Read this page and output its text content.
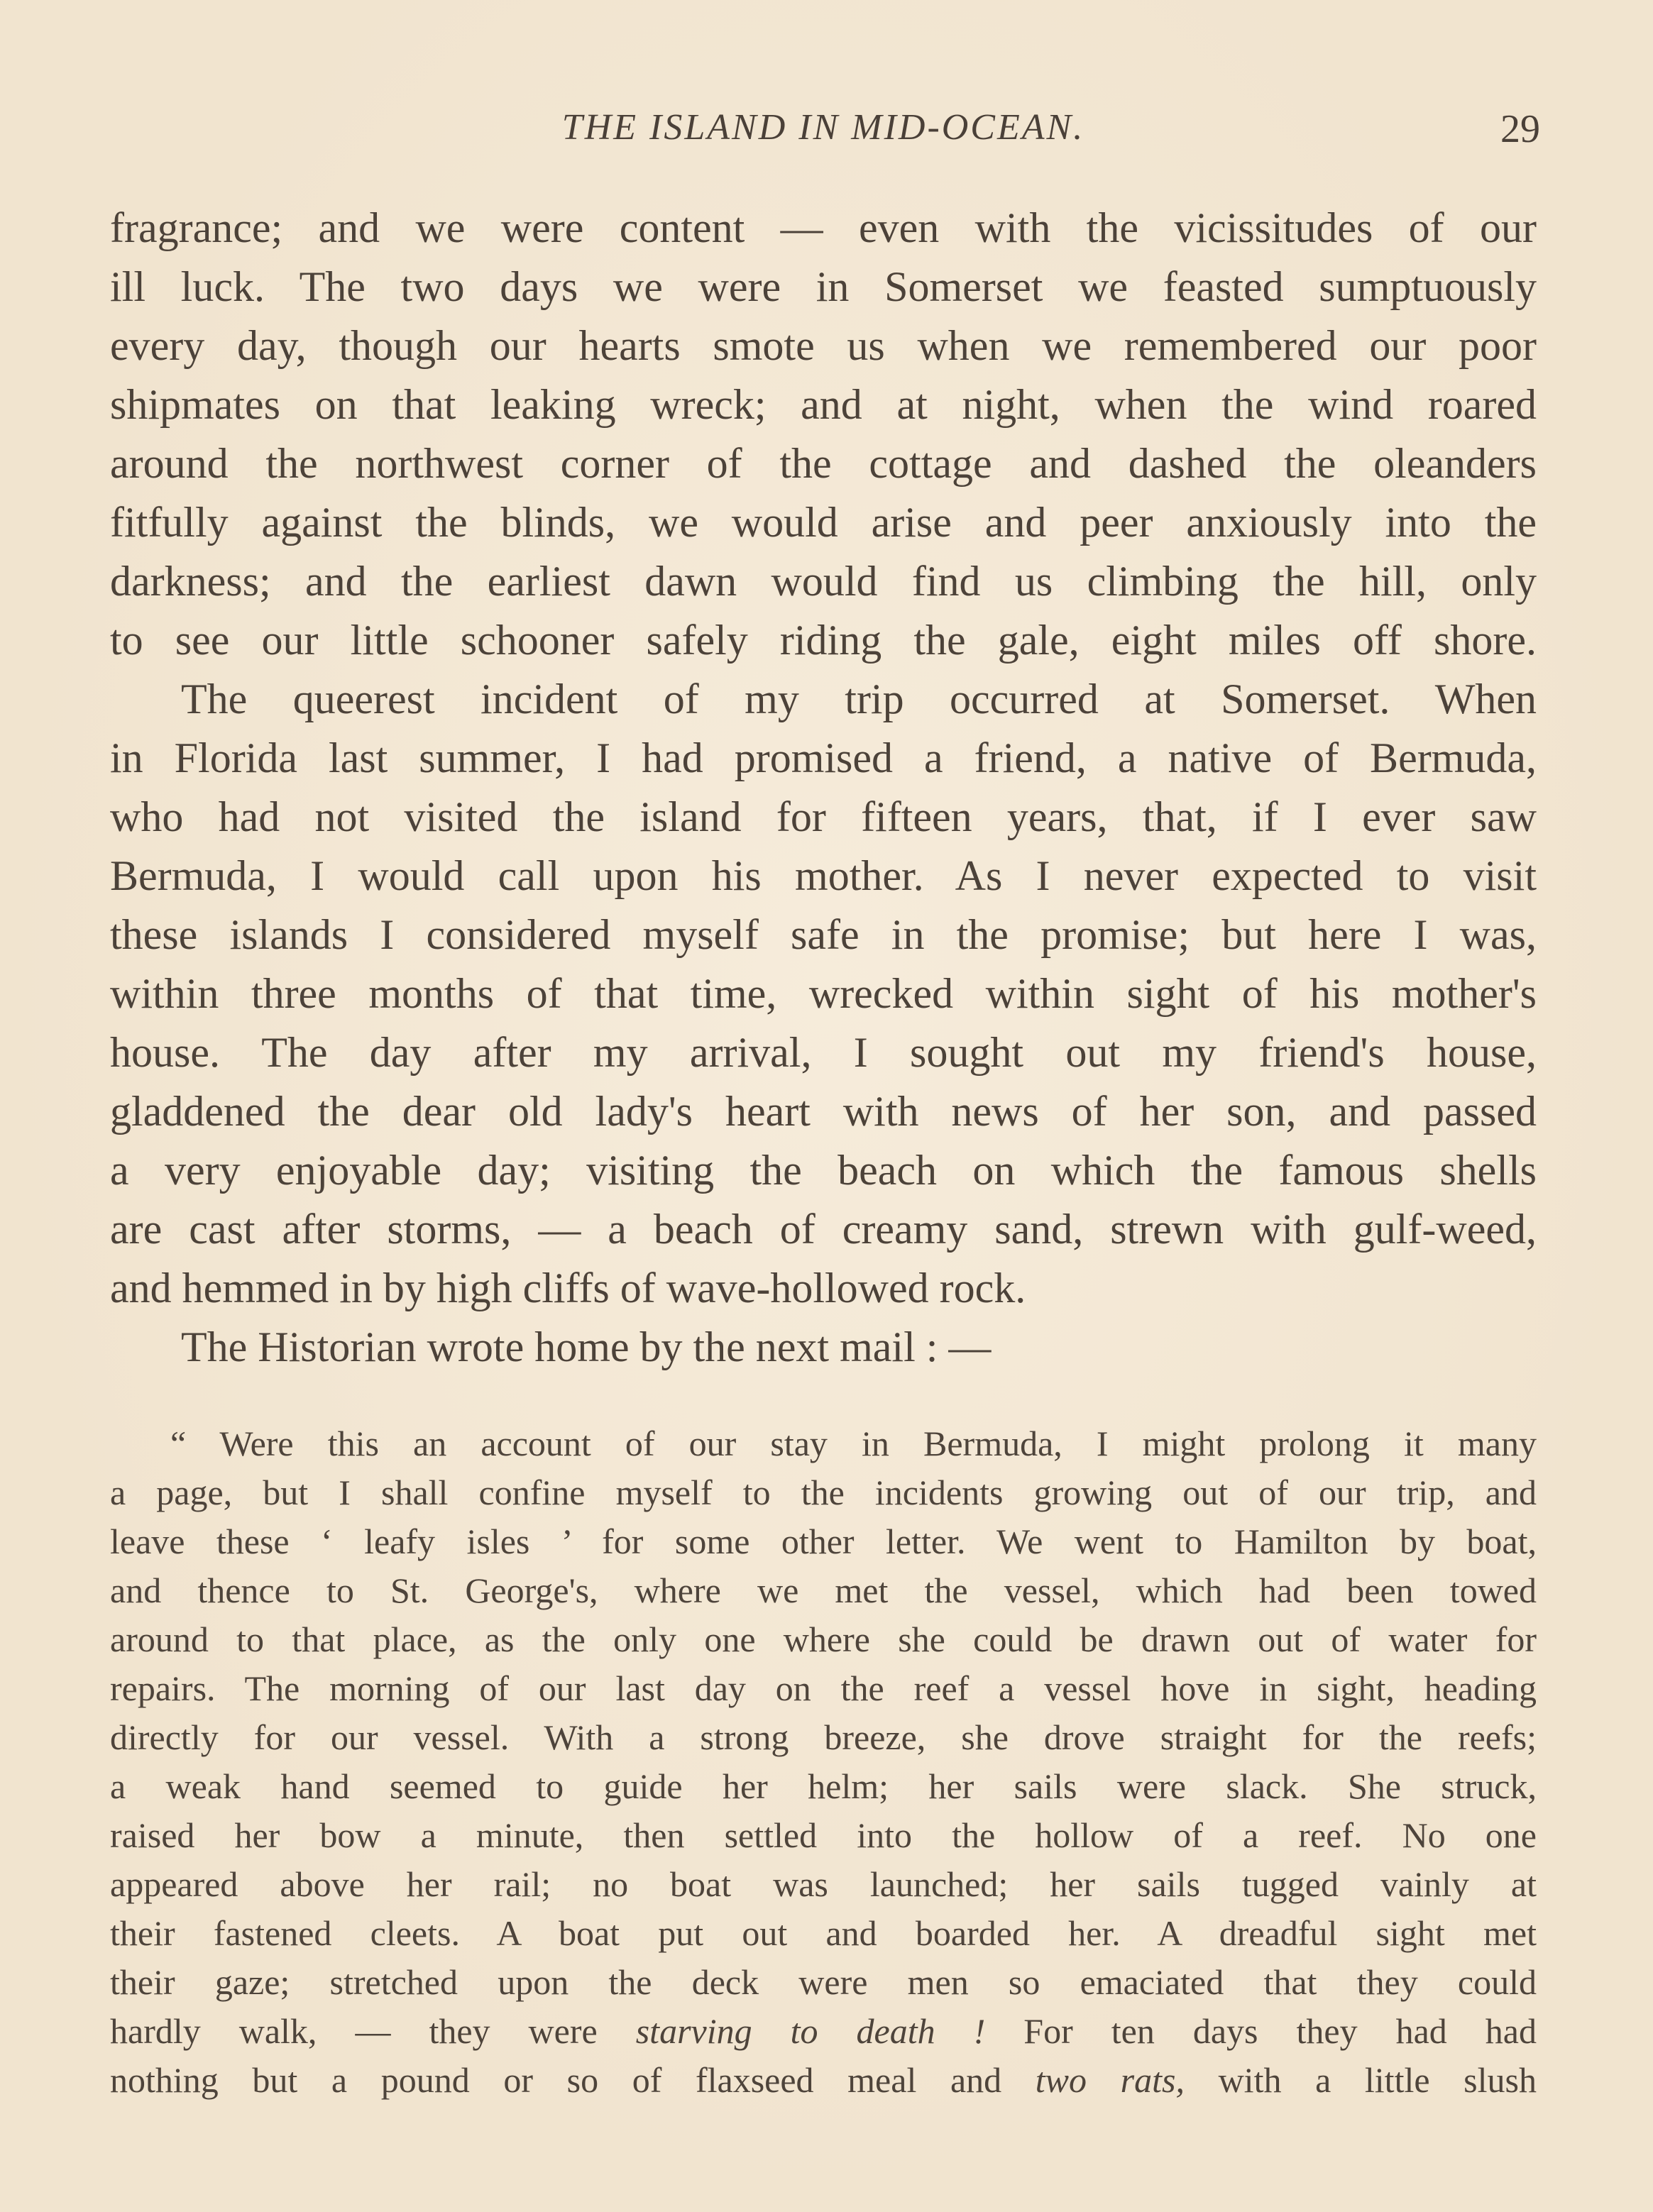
THE ISLAND IN MID-OCEAN.	29

fragrance; and we were content — even with the vicissitudes of our
ill luck. The two days we were in Somerset we feasted sumptuously
every day, though our hearts smote us when we remembered our poor
shipmates on that leaking wreck; and at night, when the wind roared
around the northwest corner of the cottage and dashed the oleanders
fitfully against the blinds, we would arise and peer anxiously into the
darkness; and the earliest dawn would find us climbing the hill, only
to see our little schooner safely riding the gale, eight miles off shore.

The queerest incident of my trip occurred at Somerset. When
in Florida last summer, I had promised a friend, a native of Bermuda,
who had not visited the island for fifteen years, that, if I ever saw
Bermuda, I would call upon his mother. As I never expected to visit
these islands I considered myself safe in the promise; but here I was,
within three months of that time, wrecked within sight of his mother's
house. The day after my arrival, I sought out my friend's house,
gladdened the dear old lady's heart with news of her son, and passed
a very enjoyable day; visiting the beach on which the famous shells
are cast after storms, — a beach of creamy sand, strewn with gulf-weed,
and hemmed in by high cliffs of wave-hollowed rock.

The Historian wrote home by the next mail : —

“ Were this an account of our stay in Bermuda, I might prolong it many
a page, but I shall confine myself to the incidents growing out of our trip, and
leave these ‘ leafy isles ’ for some other letter. We went to Hamilton by boat,
and thence to St. George's, where we met the vessel, which had been towed
around to that place, as the only one where she could be drawn out of water for
repairs. The morning of our last day on the reef a vessel hove in sight, heading
directly for our vessel. With a strong breeze, she drove straight for the reefs;
a weak hand seemed to guide her helm; her sails were slack. She struck,
raised her bow a minute, then settled into the hollow of a reef. No one
appeared above her rail; no boat was launched; her sails tugged vainly at
their fastened cleets. A boat put out and boarded her. A dreadful sight met
their gaze; stretched upon the deck were men so emaciated that they could
hardly walk, — they were starving to death ! For ten days they had had
nothing but a pound or so of flaxseed meal and two rats, with a little slush
